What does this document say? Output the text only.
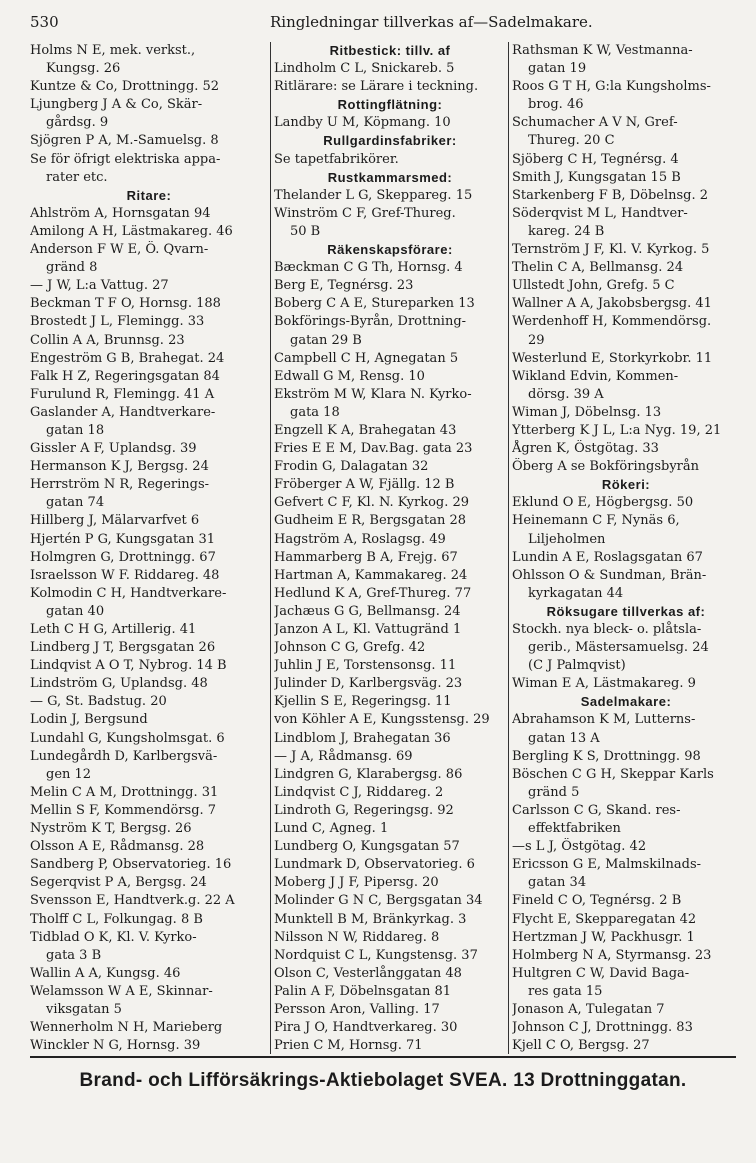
530	Ringledningar tillverkas af—Sadelmakare.
Holms N E, mek. verkst.,
Kungsg. 26
Kuntze & Co, Drottningg. 52
Ljungberg J A & Co, Skär-
gårdsg. 9
Sjögren P A, M.-Samuelsg. 8
Se för öfrigt elektriska appa-
rater etc.
Ritare:
Ahlström A, Hornsgatan 94
Amilong A H, Lästmakareg. 46
Anderson F W E, Ö. Qvarn-
gränd 8
— J W, L:a Vattug. 27
Beckman T F O, Hornsg. 188
Brostedt J L, Flemingg. 33
Collin A A, Brunnsg. 23
Engeström G B, Brahegat. 24
Falk H Z, Regeringsgatan 84
Furulund R, Flemingg. 41 A
Gaslander A, Handtverkare-
gatan 18
Gissler A F, Uplandsg. 39
Hermanson K J, Bergsg. 24
Herrström N R, Regerings-
gatan 74
Hillberg J, Mälarvarfvet 6
Hjertén P G, Kungsgatan 31
Holmgren G, Drottningg. 67
Israelsson W F. Riddareg. 48
Kolmodin C H, Handtverkare-
gatan 40
Leth C H G, Artillerig. 41
Lindberg J T, Bergsgatan 26
Lindqvist A O T, Nybrog. 14 B
Lindström G, Uplandsg. 48
— G, St. Badstug. 20
Lodin J, Bergsund
Lundahl G, Kungsholmsgat. 6
Lundegårdh D, Karlbergsvä-
gen 12
Melin C A M, Drottningg. 31
Mellin S F, Kommendörsg. 7
Nyström K T, Bergsg. 26
Olsson A E, Rådmansg. 28
Sandberg P, Observatorieg. 16
Segerqvist P A, Bergsg. 24
Svensson E, Handtverk.g. 22 A
Tholff C L, Folkungag. 8 B
Tidblad O K, Kl. V. Kyrko-
gata 3 B
Wallin A A, Kungsg. 46
Welamsson W A E, Skinnar-
viksgatan 5
Wennerholm N H, Marieberg
Winckler N G, Hornsg. 39
Ritbestick: tillv. af
Lindholm C L, Snickareb. 5
Ritlärare: se Lärare i teckning.
Rottingflätning:
Landby U M, Köpmang. 10
Rullgardinsfabriker:
Se tapetfabrikörer.
Rustkammarsmed:
Thelander L G, Skeppareg. 15
Winström C F, Gref-Thureg.
50 B
Räkenskapsförare:
Bæckman C G Th, Hornsg. 4
Berg E, Tegnérsg. 23
Boberg C A E, Stureparken 13
Bokförings-Byrån, Drottning-
gatan 29 B
Campbell C H, Agnegatan 5
Edwall G M, Rensg. 10
Ekström M W, Klara N. Kyrko-
gata 18
Engzell K A, Brahegatan 43
Fries E E M, Dav.Bag. gata 23
Frodin G, Dalagatan 32
Fröberger A W, Fjällg. 12 B
Gefvert C F, Kl. N. Kyrkog. 29
Gudheim E R, Bergsgatan 28
Hagström A, Roslagsg. 49
Hammarberg B A, Frejg. 67
Hartman A, Kammakareg. 24
Hedlund K A, Gref-Thureg. 77
Jachæus G G, Bellmansg. 24
Janzon A L, Kl. Vattugränd 1
Johnson C G, Grefg. 42
Juhlin J E, Torstensonsg. 11
Julinder D, Karlbergsväg. 23
Kjellin S E, Regeringsg. 11
von Köhler A E, Kungsstensg. 29
Lindblom J, Brahegatan 36
— J A, Rådmansg. 69
Lindgren G, Klarabergsg. 86
Lindqvist C J, Riddareg. 2
Lindroth G, Regeringsg. 92
Lund C, Agneg. 1
Lundberg O, Kungsgatan 57
Lundmark D, Observatorieg. 6
Moberg J J F, Pipersg. 20
Molinder G N C, Bergsgatan 34
Munktell B M, Bränkyrkag. 3
Nilsson N W, Riddareg. 8
Nordquist C L, Kungstensg. 37
Olson C, Vesterlånggatan 48
Palin A F, Döbelnsgatan 81
Persson Aron, Valling. 17
Pira J O, Handtverkareg. 30
Prien C M, Hornsg. 71
Rathsman K W, Vestmanna-
gatan 19
Roos G T H, G:la Kungsholms-
brog. 46
Schumacher A V N, Gref-
Thureg. 20 C
Sjöberg C H, Tegnérsg. 4
Smith J, Kungsgatan 15 B
Starkenberg F B, Döbelnsg. 2
Söderqvist M L, Handtver-
kareg. 24 B
Ternström J F, Kl. V. Kyrkog. 5
Thelin C A, Bellmansg. 24
Ullstedt John, Grefg. 5 C
Wallner A A, Jakobsbergsg. 41
Werdenhoff H, Kommendörsg.
29
Westerlund E, Storkyrkobr. 11
Wikland Edvin, Kommen-
dörsg. 39 A
Wiman J, Döbelnsg. 13
Ytterberg K J L, L:a Nyg. 19, 21
Ågren K, Östgötag. 33
Öberg A se Bokföringsbyrån
Rökeri:
Eklund O E, Högbergsg. 50
Heinemann C F, Nynäs 6,
Liljeholmen
Lundin A E, Roslagsgatan 67
Ohlsson O & Sundman, Brän-
kyrkagatan 44
Röksugare tillverkas af:
Stockh. nya bleck- o. plåtsla-
gerib., Mästersamuelsg. 24
(C J Palmqvist)
Wiman E A, Lästmakareg. 9
Sadelmakare:
Abrahamson K M, Lutterns-
gatan 13 A
Bergling K S, Drottningg. 98
Böschen C G H, Skeppar Karls
gränd 5
Carlsson C G, Skand. res-
effektfabriken
—s L J, Östgötag. 42
Ericsson G E, Malmskilnads-
gatan 34
Fineld C O, Tegnérsg. 2 B
Flycht E, Skepparegatan 42
Hertzman J W, Packhusgr. 1
Holmberg N A, Styrmansg. 23
Hultgren C W, David Baga-
res gata 15
Jonason A, Tulegatan 7
Johnson C J, Drottningg. 83
Kjell C O, Bergsg. 27
Brand- och Lifförsäkrings-Aktiebolaget SVEA. 13 Drottninggatan.
